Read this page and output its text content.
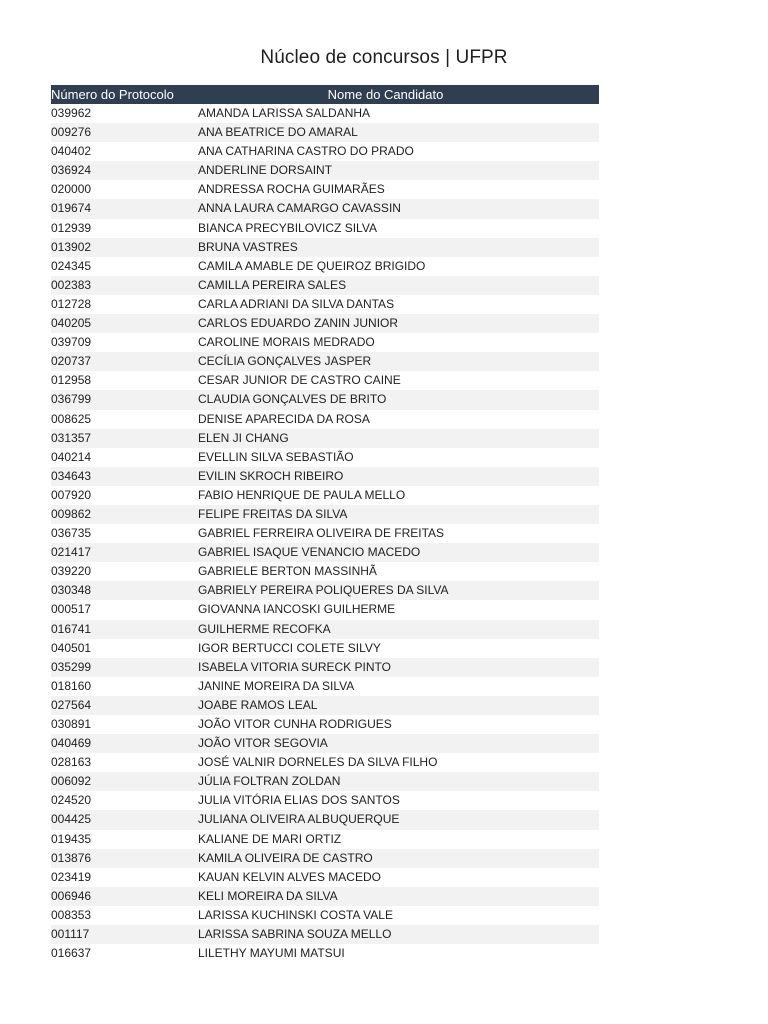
Núcleo de concursos | UFPR
Número do Protocolo	Nome do Candidato
039962	AMANDA LARISSA SALDANHA
009276	ANA BEATRICE DO AMARAL
040402	ANA CATHARINA CASTRO DO PRADO
036924	ANDERLINE DORSAINT
020000	ANDRESSA ROCHA GUIMARÃES
019674	ANNA LAURA CAMARGO CAVASSIN
012939	BIANCA PRECYBILOVICZ SILVA
013902	BRUNA VASTRES
024345	CAMILA AMABLE DE QUEIROZ BRIGIDO
002383	CAMILLA PEREIRA SALES
012728	CARLA ADRIANI DA SILVA DANTAS
040205	CARLOS EDUARDO ZANIN JUNIOR
039709	CAROLINE MORAIS MEDRADO
020737	CECÍLIA GONÇALVES JASPER
012958	CESAR JUNIOR DE CASTRO CAINE
036799	CLAUDIA GONÇALVES DE BRITO
008625	DENISE APARECIDA DA ROSA
031357	ELEN JI CHANG
040214	EVELLIN SILVA SEBASTIÃO
034643	EVILIN SKROCH RIBEIRO
007920	FABIO HENRIQUE DE PAULA MELLO
009862	FELIPE FREITAS DA SILVA
036735	GABRIEL FERREIRA OLIVEIRA DE FREITAS
021417	GABRIEL ISAQUE VENANCIO MACEDO
039220	GABRIELE BERTON MASSINHÃ
030348	GABRIELY PEREIRA POLIQUERES DA SILVA
000517	GIOVANNA IANCOSKI GUILHERME
016741	GUILHERME RECOFKA
040501	IGOR BERTUCCI COLETE SILVY
035299	ISABELA VITORIA SURECK PINTO
018160	JANINE MOREIRA DA SILVA
027564	JOABE RAMOS LEAL
030891	JOÃO VITOR CUNHA RODRIGUES
040469	JOÃO VITOR SEGOVIA
028163	JOSÉ VALNIR DORNELES DA SILVA FILHO
006092	JÚLIA FOLTRAN ZOLDAN
024520	JULIA VITÓRIA ELIAS DOS SANTOS
004425	JULIANA OLIVEIRA ALBUQUERQUE
019435	KALIANE DE MARI ORTIZ
013876	KAMILA OLIVEIRA DE CASTRO
023419	KAUAN KELVIN ALVES MACEDO
006946	KELI MOREIRA DA SILVA
008353	LARISSA KUCHINSKI COSTA VALE
001117	LARISSA SABRINA SOUZA MELLO
016637	LILETHY MAYUMI MATSUI
